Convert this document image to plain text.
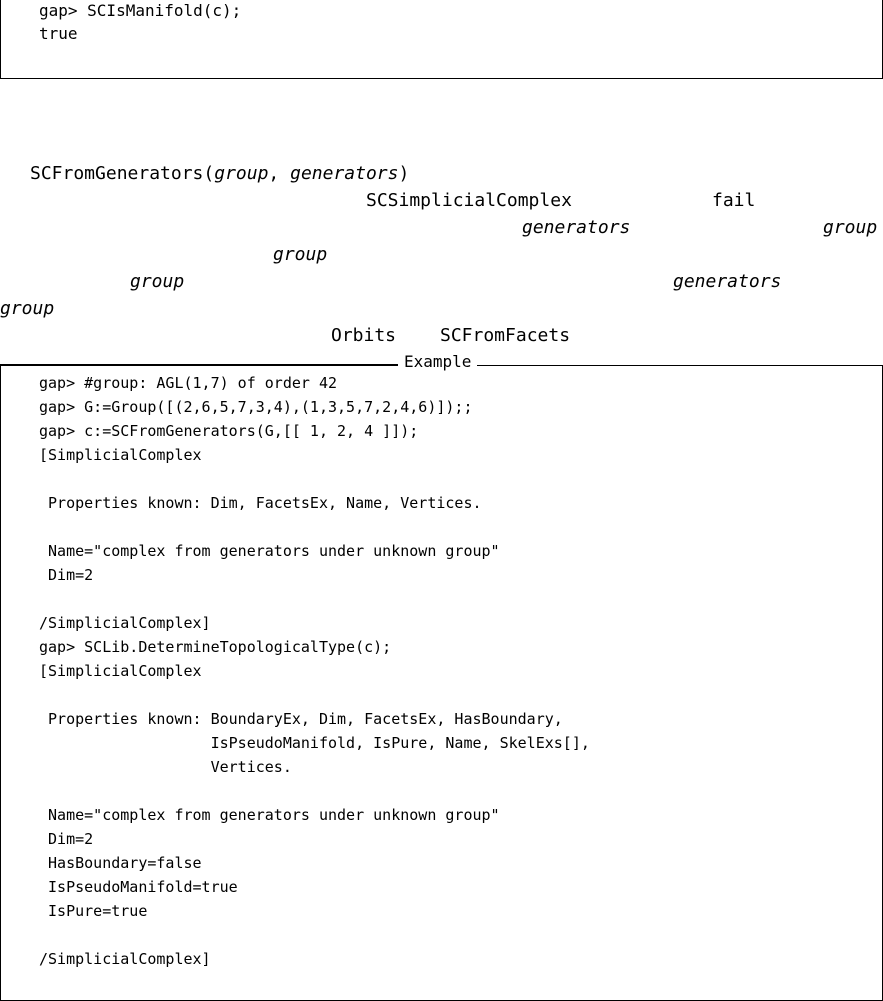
gap> SCIsManifold(c);
true
SCFromGenerators(group, generators)
SCSimplicialComplex	fail
generators	group
group
group	generators
group
Orbits SCFromFacets
gap> #group: AGL(1,7) of order 42
gap> G:=Group([(2,6,5,7,3,4),(1,3,5,7,2,4,6)]);;
gap> c:=SCFromGenerators(G,[[ 1, 2, 4 ]]);
[SimplicialComplex
Properties known: Dim, FacetsEx, Name, Vertices.
Name="complex from generators under unknown group"
Dim=2
/SimplicialComplex]
gap> SCLib.DetermineTopologicalType(c);
[SimplicialComplex
Properties known: BoundaryEx, Dim, FacetsEx, HasBoundary,
IsPseudoManifold, IsPure, Name, SkelExs[],
Vertices.
Name="complex from generators under unknown group"
Dim=2
HasBoundary=false
IsPseudoManifold=true
IsPure=true
/SimplicialComplex]
Example
